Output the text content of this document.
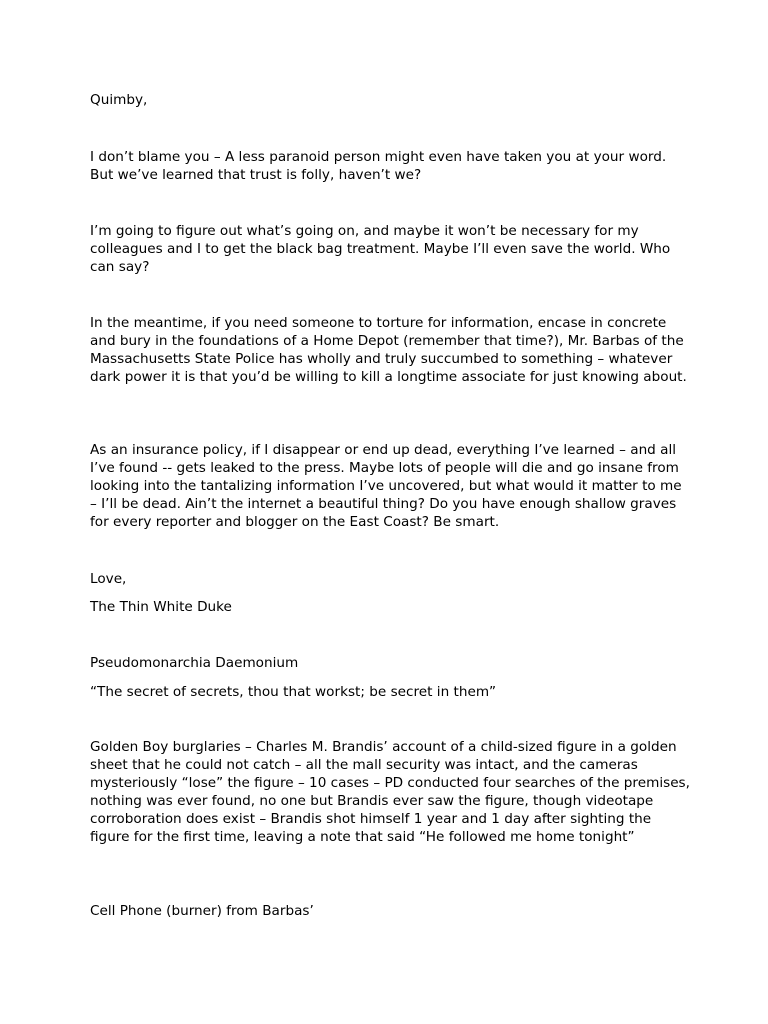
Quimby,

I don’t blame you – A less paranoid person might even have taken you at your word. But we’ve learned that trust is folly, haven’t we?

I’m going to figure out what’s going on, and maybe it won’t be necessary for my colleagues and I to get the black bag treatment. Maybe I’ll even save the world. Who can say?

In the meantime, if you need someone to torture for information, encase in concrete and bury in the foundations of a Home Depot (remember that time?), Mr. Barbas of the Massachusetts State Police has wholly and truly succumbed to something – whatever dark power it is that you’d be willing to kill a longtime associate for just knowing about.

As an insurance policy, if I disappear or end up dead, everything I’ve learned – and all I’ve found -- gets leaked to the press. Maybe lots of people will die and go insane from looking into the tantalizing information I’ve uncovered, but what would it matter to me – I’ll be dead. Ain’t the internet a beautiful thing? Do you have enough shallow graves for every reporter and blogger on the East Coast? Be smart.

Love,

The Thin White Duke

Pseudomonarchia Daemonium

“The secret of secrets, thou that workst; be secret in them”

Golden Boy burglaries – Charles M. Brandis’ account of a child-sized figure in a golden sheet that he could not catch – all the mall security was intact, and the cameras mysteriously “lose” the figure – 10 cases – PD conducted four searches of the premises, nothing was ever found, no one but Brandis ever saw the figure, though videotape corroboration does exist – Brandis shot himself 1 year and 1 day after sighting the figure for the first time, leaving a note that said “He followed me home tonight”

Cell Phone (burner) from Barbas’
